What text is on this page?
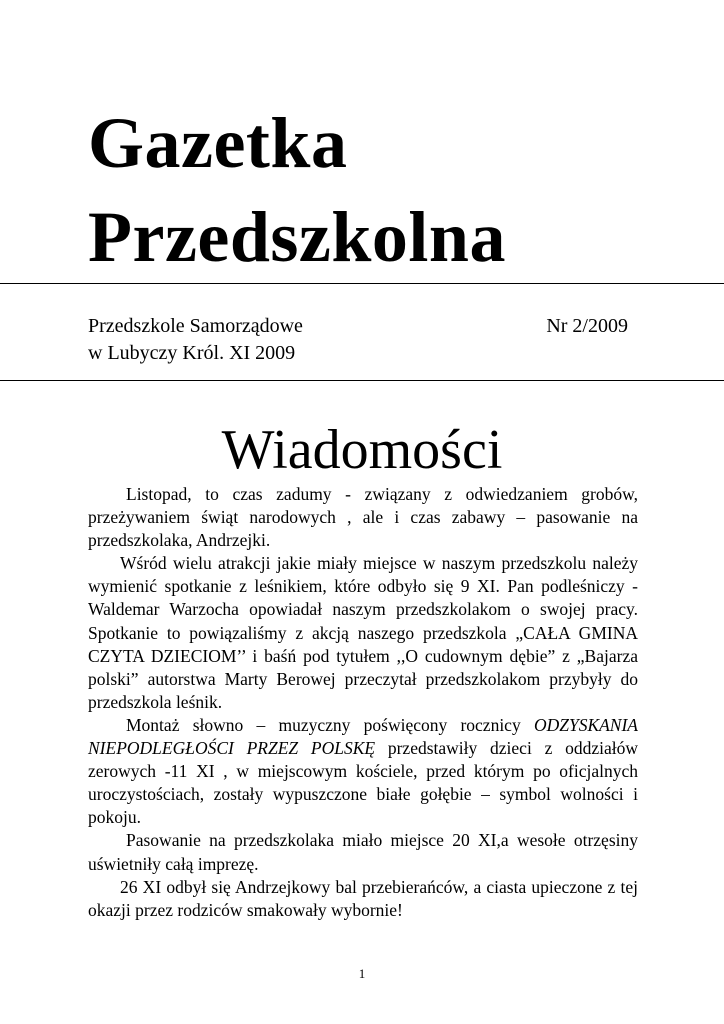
Gazetka
Przedszkolna
Przedszkole Samorządowe	Nr 2/2009
w Lubyczy Król. XI 2009
Wiadomości

Listopad, to czas zadumy - związany z odwiedzaniem grobów, przeżywaniem świąt narodowych , ale i czas zabawy – pasowanie na przedszkolaka, Andrzejki.

Wśród wielu atrakcji jakie miały miejsce w naszym przedszkolu należy wymienić spotkanie z leśnikiem, które odbyło się 9 XI. Pan podleśniczy - Waldemar Warzocha opowiadał naszym przedszkolakom o swojej pracy. Spotkanie to powiązaliśmy z akcją naszego przedszkola „CAŁA GMINA CZYTA DZIECIOM’’ i baśń pod tytułem ,,O cudownym dębie” z „Bajarza polski” autorstwa Marty Berowej przeczytał przedszkolakom przybyły do przedszkola leśnik.

Montaż słowno – muzyczny poświęcony rocznicy ODZYSKANIA NIEPODLEGŁOŚCI PRZEZ POLSKĘ przedstawiły dzieci z oddziałów zerowych -11 XI , w miejscowym kościele, przed którym po oficjalnych uroczystościach, zostały wypuszczone białe gołębie – symbol wolności i pokoju.

Pasowanie na przedszkolaka miało miejsce 20 XI,a wesołe otrzęsiny uświetniły całą imprezę.

26 XI odbył się Andrzejkowy bal przebierańców, a ciasta upieczone z tej okazji przez rodziców smakowały wybornie!

1
